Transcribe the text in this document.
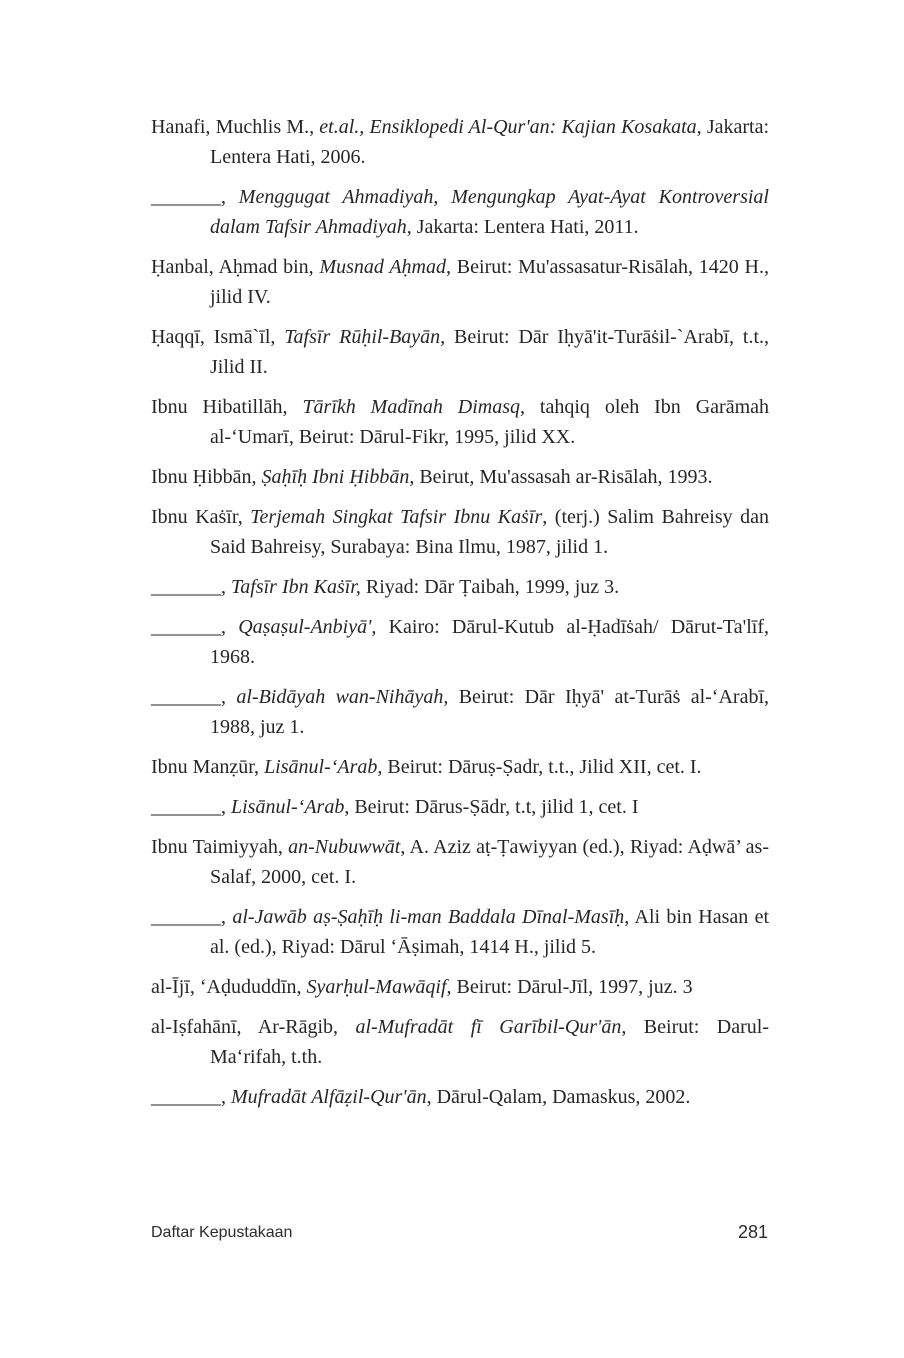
Hanafi, Muchlis M., et.al., Ensiklopedi Al-Qur'an: Kajian Kosakata, Jakarta: Lentera Hati, 2006.

_______, Menggugat Ahmadiyah, Mengungkap Ayat-Ayat Kontroversial dalam Tafsir Ahmadiyah, Jakarta: Lentera Hati, 2011.

Ḥanbal, Aḥmad bin, Musnad Aḥmad, Beirut: Mu'assasatur-Risālah, 1420 H., jilid IV.

Ḥaqqī, Ismā`īl, Tafsīr Rūḥil-Bayān, Beirut: Dār Iḥyā'it-Turāṡil-`Arabī, t.t., Jilid II.

Ibnu Hibatillāh, Tārīkh Madīnah Dimasq, tahqiq oleh Ibn Garāmah al-‘Umarī, Beirut: Dārul-Fikr, 1995, jilid XX.

Ibnu Ḥibbān, Ṣaḥīḥ Ibni Ḥibbān, Beirut, Mu'assasah ar-Risālah, 1993.

Ibnu Kaṡīr, Terjemah Singkat Tafsir Ibnu Kaṡīr, (terj.) Salim Bahreisy dan Said Bahreisy, Surabaya: Bina Ilmu, 1987, jilid 1.

_______, Tafsīr Ibn Kaṡīr, Riyad: Dār Ṭaibah, 1999, juz 3.

_______, Qaṣaṣul-Anbiyā', Kairo: Dārul-Kutub al-Ḥadīṡah/ Dārut-Ta'līf, 1968.

_______, al-Bidāyah wan-Nihāyah, Beirut: Dār Iḥyā' at-Turāṡ al-‘Arabī, 1988, juz 1.

Ibnu Manẓūr, Lisānul-‘Arab, Beirut: Dāruṣ-Ṣadr, t.t., Jilid XII, cet. I.

_______, Lisānul-‘Arab, Beirut: Dārus-Ṣādr, t.t, jilid 1, cet. I

Ibnu Taimiyyah, an-Nubuwwāt, A. Aziz aṭ-Ṭawiyyan (ed.), Riyad: Aḍwā’ as-Salaf, 2000, cet. I.

_______, al-Jawāb aṣ-Ṣaḥīḥ li-man Baddala Dīnal-Masīḥ, Ali bin Hasan et al. (ed.), Riyad: Dārul ‘Āṣimah, 1414 H., jilid 5.

al-Ījī, ‘Aḍududdīn, Syarḥul-Mawāqif, Beirut: Dārul-Jīl, 1997, juz. 3

al-Iṣfahānī, Ar-Rāgib, al-Mufradāt fī Garībil-Qur'ān, Beirut: Darul-Ma‘rifah, t.th.

_______, Mufradāt Alfāẓil-Qur'ān, Dārul-Qalam, Damaskus, 2002.

Daftar Kepustakaan	281
